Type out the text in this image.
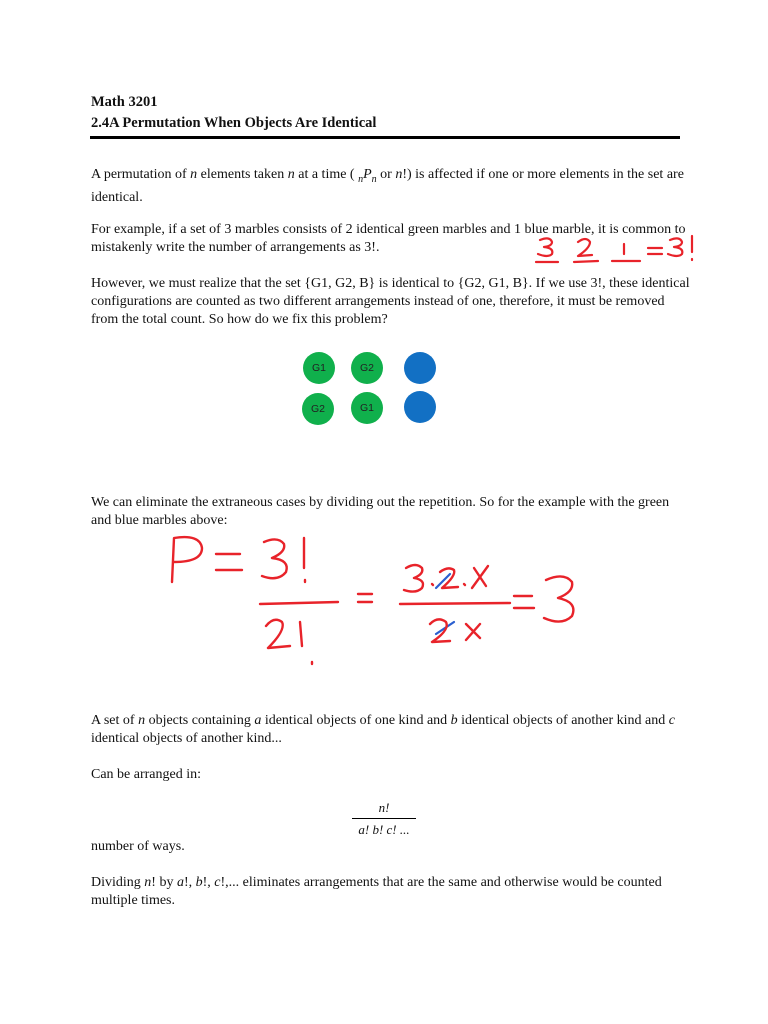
Math 3201
2.4A Permutation When Objects Are Identical

A permutation of n elements taken n at a time ( $_nP_n$ or n!) is affected if one or more elements in the set are identical.

For example, if a set of 3 marbles consists of 2 identical green marbles and 1 blue marble, it is common to mistakenly write the number of arrangements as 3!.

However, we must realize that the set {G1, G2, B} is identical to {G2, G1, B}. If we use 3!, these identical configurations are counted as two different arrangements instead of one, therefore, it must be removed from the total count. So how do we fix this problem?

G1	G2
G2	G1

We can eliminate the extraneous cases by dividing out the repetition. So for the example with the green and blue marbles above:

A set of n objects containing a identical objects of one kind and b identical objects of another kind and c identical objects of another kind...

Can be arranged in:

n!
a! b! c! ...

number of ways.

Dividing n! by a!, b!, c!,... eliminates arrangements that are the same and otherwise would be counted multiple times.
